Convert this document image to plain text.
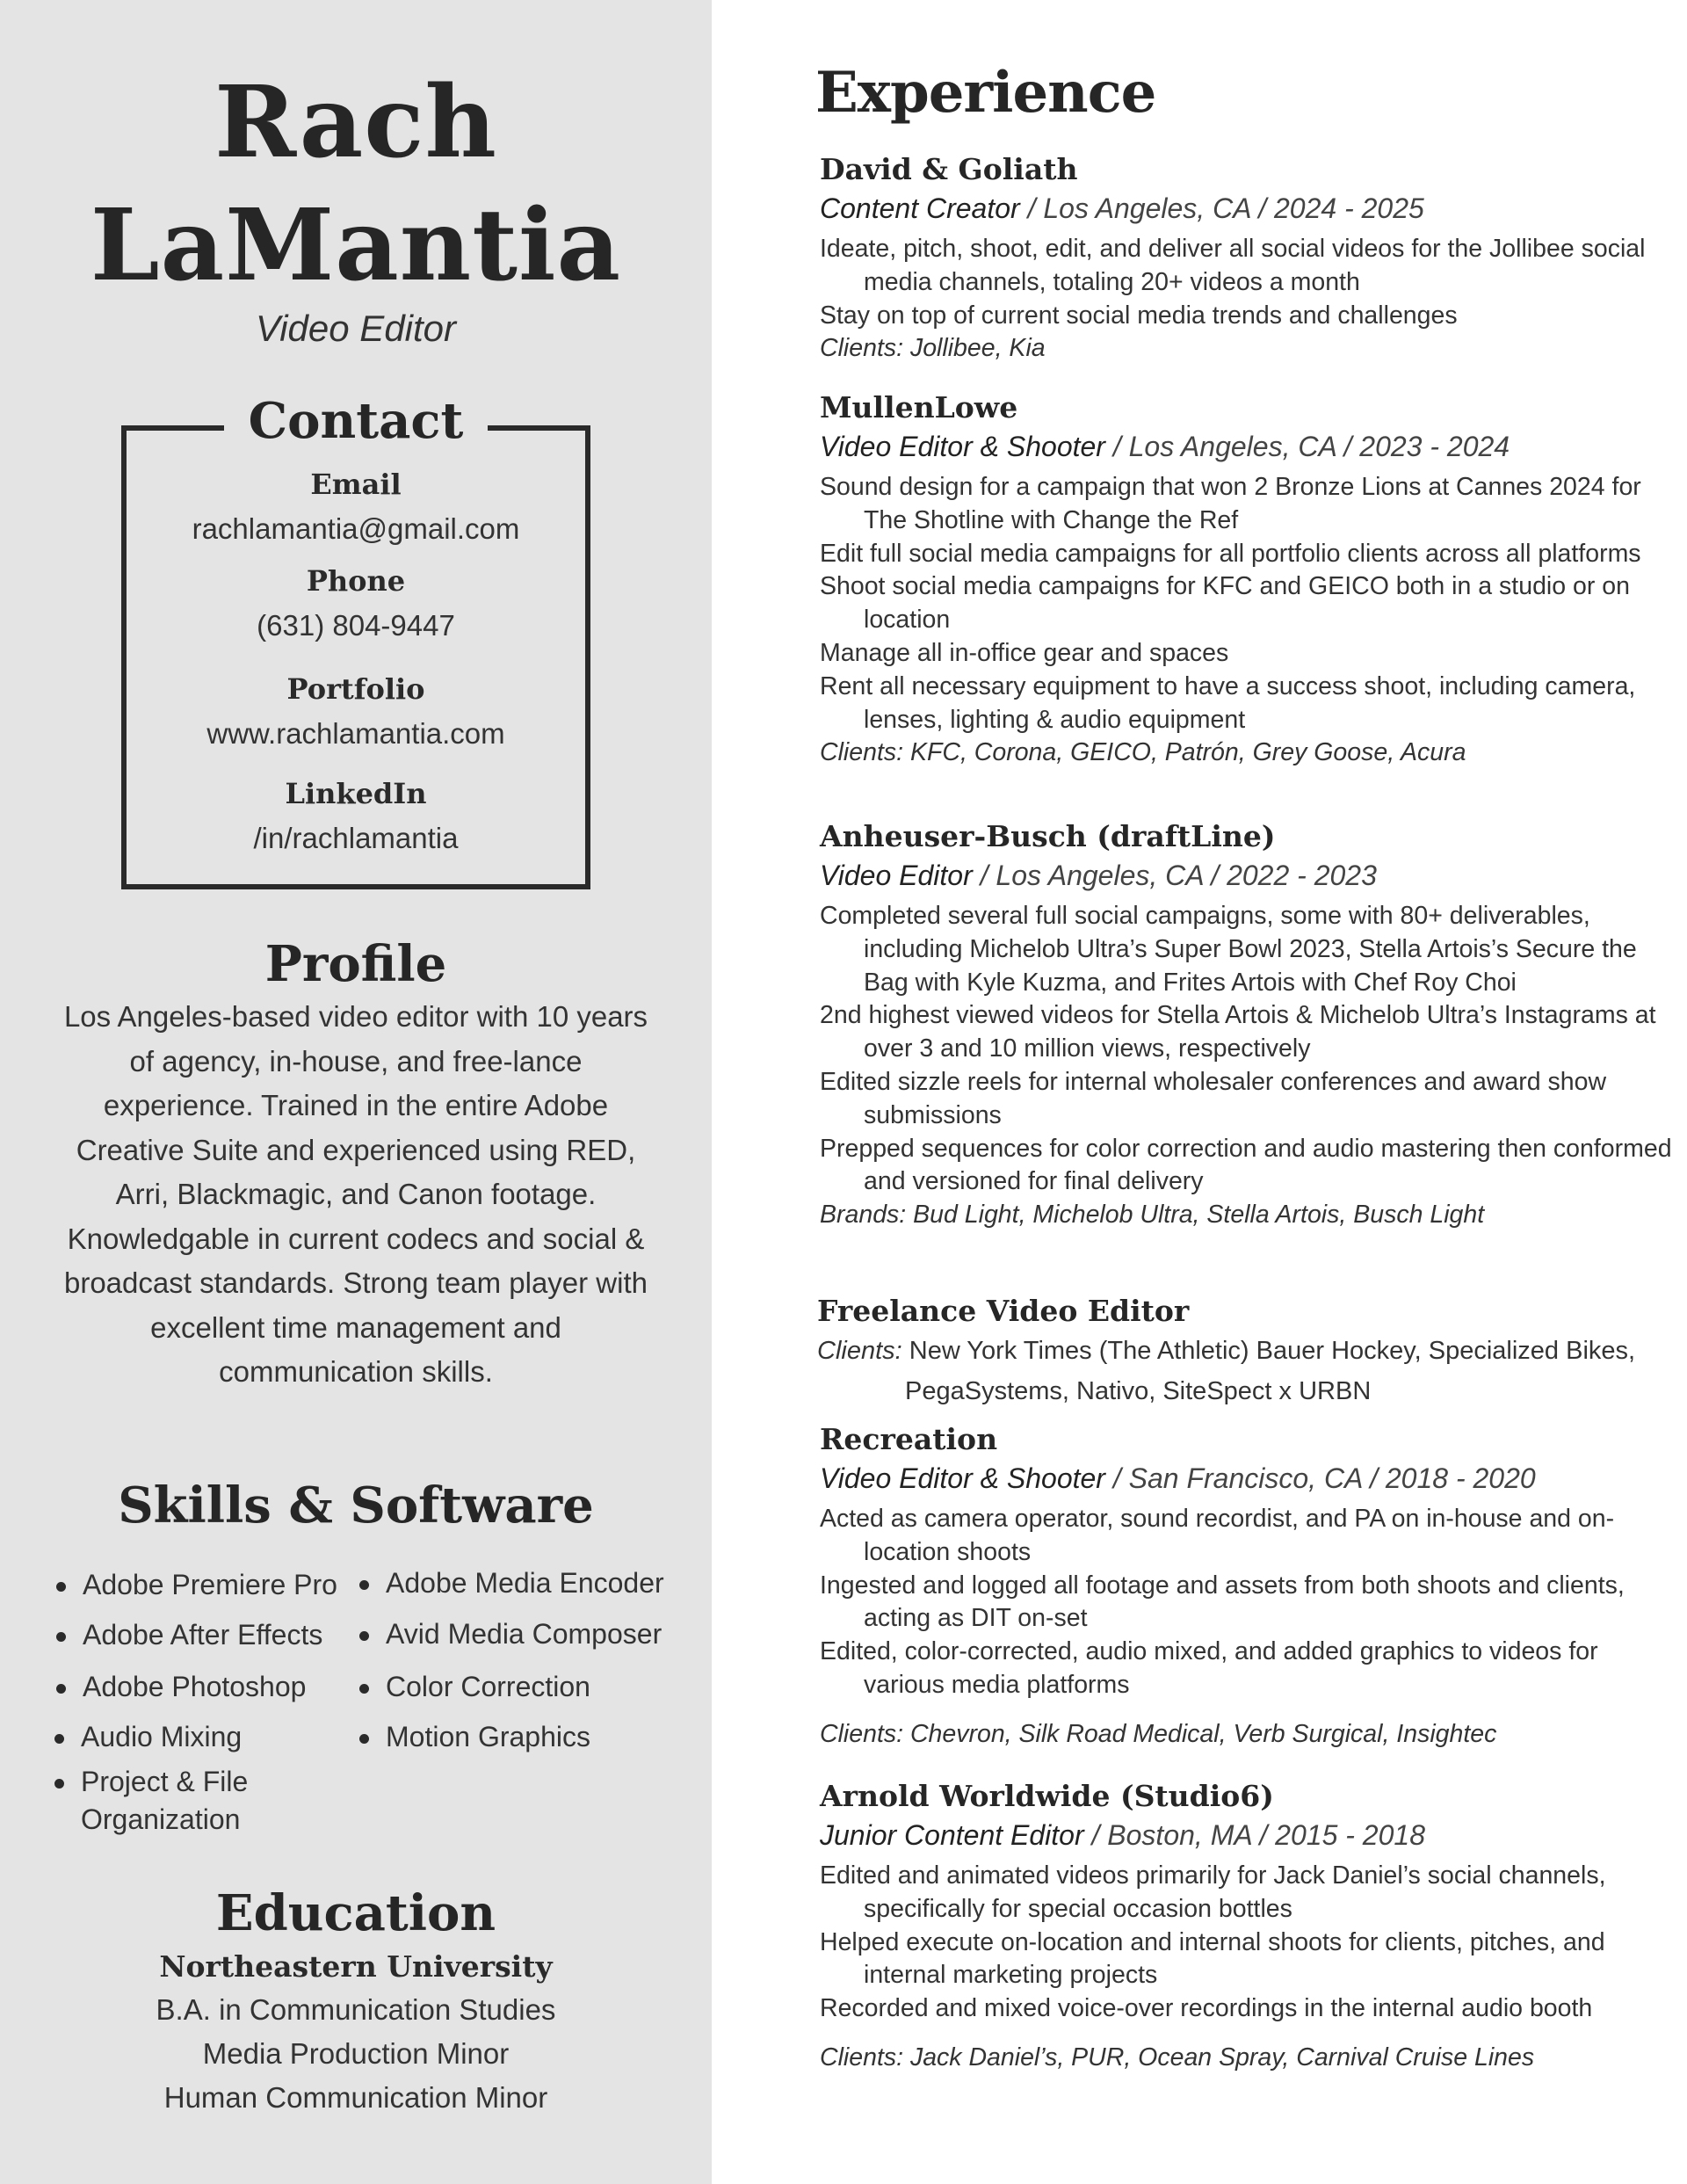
Rach
LaMantia
Video Editor
Contact
Email
rachlamantia@gmail.com
Phone
(631) 804-9447
Portfolio
www.rachlamantia.com
LinkedIn
/in/rachlamantia
Profile
Los Angeles-based video editor with 10 years of agency, in-house, and free-lance experience. Trained in the entire Adobe Creative Suite and experienced using RED, Arri, Blackmagic, and Canon footage. Knowledgable in current codecs and social & broadcast standards. Strong team player with excellent time management and communication skills.
Skills & Software
Adobe Premiere Pro Adobe Media Encoder
Adobe After Effects Avid Media Composer
Adobe Photoshop	Color Correction
Audio Mixing	Motion Graphics
Project & File Organization
Education
Northeastern University
B.A. in Communication Studies
Media Production Minor
Human Communication Minor
Experience
David & Goliath
Content Creator / Los Angeles, CA / 2024 - 2025
Ideate, pitch, shoot, edit, and deliver all social videos for the Jollibee social media channels, totaling 20+ videos a month
Stay on top of current social media trends and challenges
Clients: Jollibee, Kia
MullenLowe
Video Editor & Shooter / Los Angeles, CA / 2023 - 2024
Sound design for a campaign that won 2 Bronze Lions at Cannes 2024 for The Shotline with Change the Ref
Edit full social media campaigns for all portfolio clients across all platforms
Shoot social media campaigns for KFC and GEICO both in a studio or on location
Manage all in-office gear and spaces
Rent all necessary equipment to have a success shoot, including camera, lenses, lighting & audio equipment
Clients: KFC, Corona, GEICO, Patrón, Grey Goose, Acura
Anheuser-Busch (draftLine)
Video Editor / Los Angeles, CA / 2022 - 2023
Completed several full social campaigns, some with 80+ deliverables, including Michelob Ultra’s Super Bowl 2023, Stella Artois’s Secure the Bag with Kyle Kuzma, and Frites Artois with Chef Roy Choi
2nd highest viewed videos for Stella Artois & Michelob Ultra’s Instagrams at over 3 and 10 million views, respectively
Edited sizzle reels for internal wholesaler conferences and award show submissions
Prepped sequences for color correction and audio mastering then conformed and versioned for final delivery
Brands: Bud Light, Michelob Ultra, Stella Artois, Busch Light
Freelance Video Editor
Clients: New York Times (The Athletic) Bauer Hockey, Specialized Bikes, PegaSystems, Nativo, SiteSpect x URBN
Recreation
Video Editor & Shooter / San Francisco, CA / 2018 - 2020
Acted as camera operator, sound recordist, and PA on in-house and on-location shoots
Ingested and logged all footage and assets from both shoots and clients, acting as DIT on-set
Edited, color-corrected, audio mixed, and added graphics to videos for various media platforms
Clients: Chevron, Silk Road Medical, Verb Surgical, Insightec
Arnold Worldwide (Studio6)
Junior Content Editor / Boston, MA / 2015 - 2018
Edited and animated videos primarily for Jack Daniel’s social channels, specifically for special occasion bottles
Helped execute on-location and internal shoots for clients, pitches, and internal marketing projects
Recorded and mixed voice-over recordings in the internal audio booth
Clients: Jack Daniel’s, PUR, Ocean Spray, Carnival Cruise Lines
